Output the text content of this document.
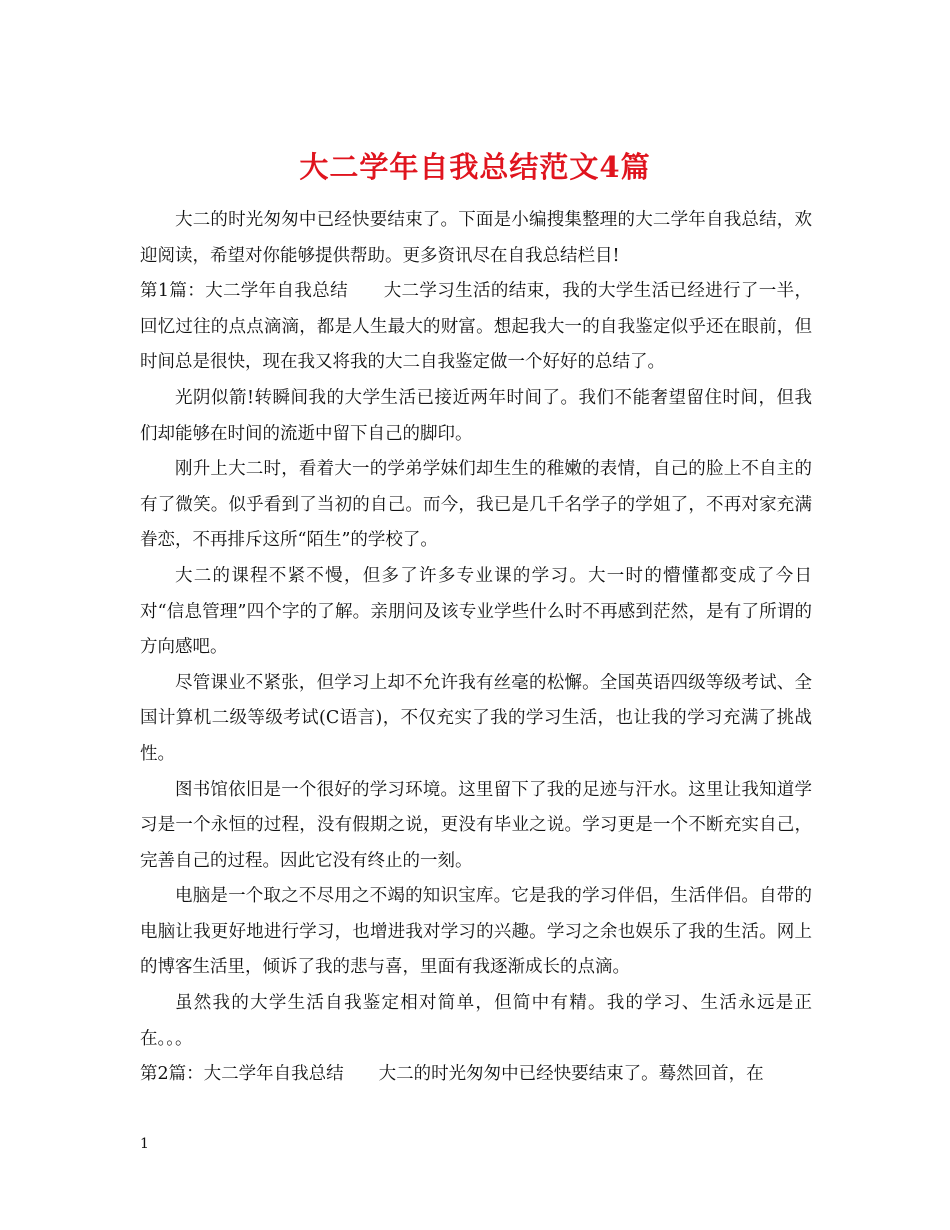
大二学年自我总结范文4篇

大二的时光匆匆中已经快要结束了。下面是小编搜集整理的大二学年自我总结，欢迎阅读，希望对你能够提供帮助。更多资讯尽在自我总结栏目!

第1篇：大二学年自我总结　　大二学习生活的结束，我的大学生活已经进行了一半，回忆过往的点点滴滴，都是人生最大的财富。想起我大一的自我鉴定似乎还在眼前，但时间总是很快，现在我又将我的大二自我鉴定做一个好好的总结了。

光阴似箭!转瞬间我的大学生活已接近两年时间了。我们不能奢望留住时间，但我们却能够在时间的流逝中留下自己的脚印。

刚升上大二时，看着大一的学弟学妹们却生生的稚嫩的表情，自己的脸上不自主的有了微笑。似乎看到了当初的自己。而今，我已是几千名学子的学姐了，不再对家充满眷恋，不再排斥这所“陌生”的学校了。

大二的课程不紧不慢，但多了许多专业课的学习。大一时的懵懂都变成了今日对“信息管理”四个字的了解。亲朋问及该专业学些什么时不再感到茫然，是有了所谓的方向感吧。

尽管课业不紧张，但学习上却不允许我有丝毫的松懈。全国英语四级等级考试、全国计算机二级等级考试(C语言)，不仅充实了我的学习生活，也让我的学习充满了挑战性。

图书馆依旧是一个很好的学习环境。这里留下了我的足迹与汗水。这里让我知道学习是一个永恒的过程，没有假期之说，更没有毕业之说。学习更是一个不断充实自己，完善自己的过程。因此它没有终止的一刻。

电脑是一个取之不尽用之不竭的知识宝库。它是我的学习伴侣，生活伴侣。自带的电脑让我更好地进行学习，也增进我对学习的兴趣。学习之余也娱乐了我的生活。网上的博客生活里，倾诉了我的悲与喜，里面有我逐渐成长的点滴。

虽然我的大学生活自我鉴定相对简单，但简中有精。我的学习、生活永远是正在。。。

第2篇：大二学年自我总结　　大二的时光匆匆中已经快要结束了。蓦然回首，在

1
